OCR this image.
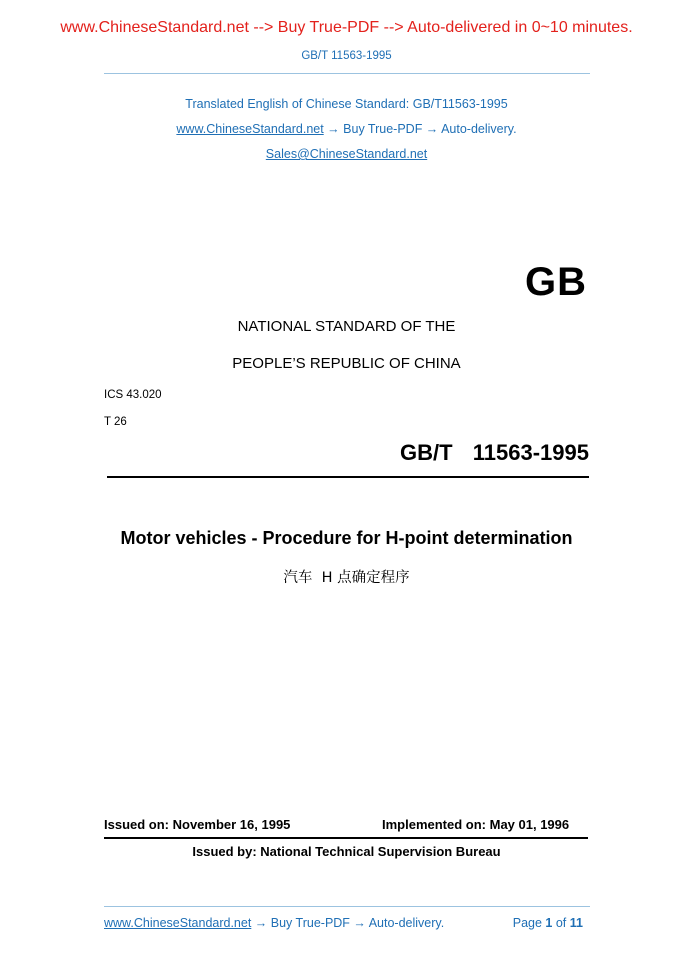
www.ChineseStandard.net --> Buy True-PDF --> Auto-delivered in 0~10 minutes.
GB/T 11563-1995
Translated English of Chinese Standard: GB/T11563-1995
www.ChineseStandard.net → Buy True-PDF → Auto-delivery.
Sales@ChineseStandard.net
GB
NATIONAL STANDARD OF THE
PEOPLE’S REPUBLIC OF CHINA
ICS 43.020
T 26
GB/T  11563-1995
Motor vehicles - Procedure for H-point determination
汽车  H 点确定程序
Issued on: November 16, 1995	Implemented on: May 01, 1996
Issued by: National Technical Supervision Bureau
www.ChineseStandard.net → Buy True-PDF → Auto-delivery.	Page 1 of 11
